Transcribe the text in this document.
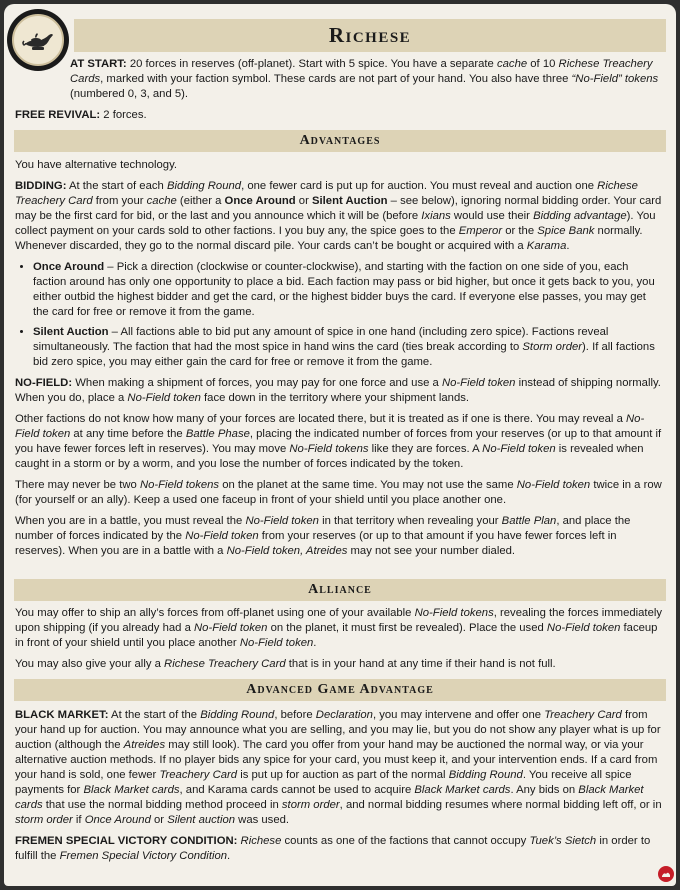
Richese

AT START: 20 forces in reserves (off-planet). Start with 5 spice. You have a separate cache of 10 Richese Treachery Cards, marked with your faction symbol. These cards are not part of your hand. You also have three “No-Field” tokens (numbered 0, 3, and 5).

FREE REVIVAL: 2 forces.

Advantages

You have alternative technology.

BIDDING: At the start of each Bidding Round, one fewer card is put up for auction. You must reveal and auction one Richese Treachery Card from your cache (either a Once Around or Silent Auction – see below), ignoring normal bidding order. Your card may be the first card for bid, or the last and you announce which it will be (before Ixians would use their Bidding advantage). You collect payment on your cards sold to other factions. I you buy any, the spice goes to the Emperor or the Spice Bank normally. Whenever discarded, they go to the normal discard pile. Your cards can’t be bought or acquired with a Karama.

• Once Around – Pick a direction (clockwise or counter-clockwise), and starting with the faction on one side of you, each faction around has only one opportunity to place a bid. Each faction may pass or bid higher, but once it gets back to you, you either outbid the highest bidder and get the card, or the highest bidder buys the card. If everyone else passes, you may get the card for free or remove it from the game.
• Silent Auction – All factions able to bid put any amount of spice in one hand (including zero spice). Factions reveal simultaneously. The faction that had the most spice in hand wins the card (ties break according to Storm order). If all factions bid zero spice, you may either gain the card for free or remove it from the game.

NO-FIELD: When making a shipment of forces, you may pay for one force and use a No-Field token instead of shipping normally. When you do, place a No-Field token face down in the territory where your shipment lands.

Other factions do not know how many of your forces are located there, but it is treated as if one is there. You may reveal a No-Field token at any time before the Battle Phase, placing the indicated number of forces from your reserves (or up to that amount if you have fewer forces left in reserves). You may move No-Field tokens like they are forces. A No-Field token is revealed when caught in a storm or by a worm, and you lose the number of forces indicated by the token.

There may never be two No-Field tokens on the planet at the same time. You may not use the same No-Field token twice in a row (for yourself or an ally). Keep a used one faceup in front of your shield until you place another one.

When you are in a battle, you must reveal the No-Field token in that territory when revealing your Battle Plan, and place the number of forces indicated by the No-Field token from your reserves (or up to that amount if you have fewer forces left in reserves). When you are in a battle with a No-Field token, Atreides may not see your number dialed.

Alliance

You may offer to ship an ally’s forces from off-planet using one of your available No-Field tokens, revealing the forces immediately upon shipping (if you already had a No-Field token on the planet, it must first be revealed). Place the used No-Field token faceup in front of your shield until you place another No-Field token.

You may also give your ally a Richese Treachery Card that is in your hand at any time if their hand is not full.

Advanced Game Advantage

BLACK MARKET: At the start of the Bidding Round, before Declaration, you may intervene and offer one Treachery Card from your hand up for auction. You may announce what you are selling, and you may lie, but you do not show any player what is up for auction (although the Atreides may still look). The card you offer from your hand may be auctioned the normal way, or via your alternative auction methods. If no player bids any spice for your card, you must keep it, and your intervention ends. If a card from your hand is sold, one fewer Treachery Card is put up for auction as part of the normal Bidding Round. You receive all spice payments for Black Market cards, and Karama cards cannot be used to acquire Black Market cards. Any bids on Black Market cards that use the normal bidding method proceed in storm order, and normal bidding resumes where normal bidding left off, or in storm order if Once Around or Silent auction was used.

FREMEN SPECIAL VICTORY CONDITION: Richese counts as one of the factions that cannot occupy Tuek’s Sietch in order to fulfill the Fremen Special Victory Condition.
